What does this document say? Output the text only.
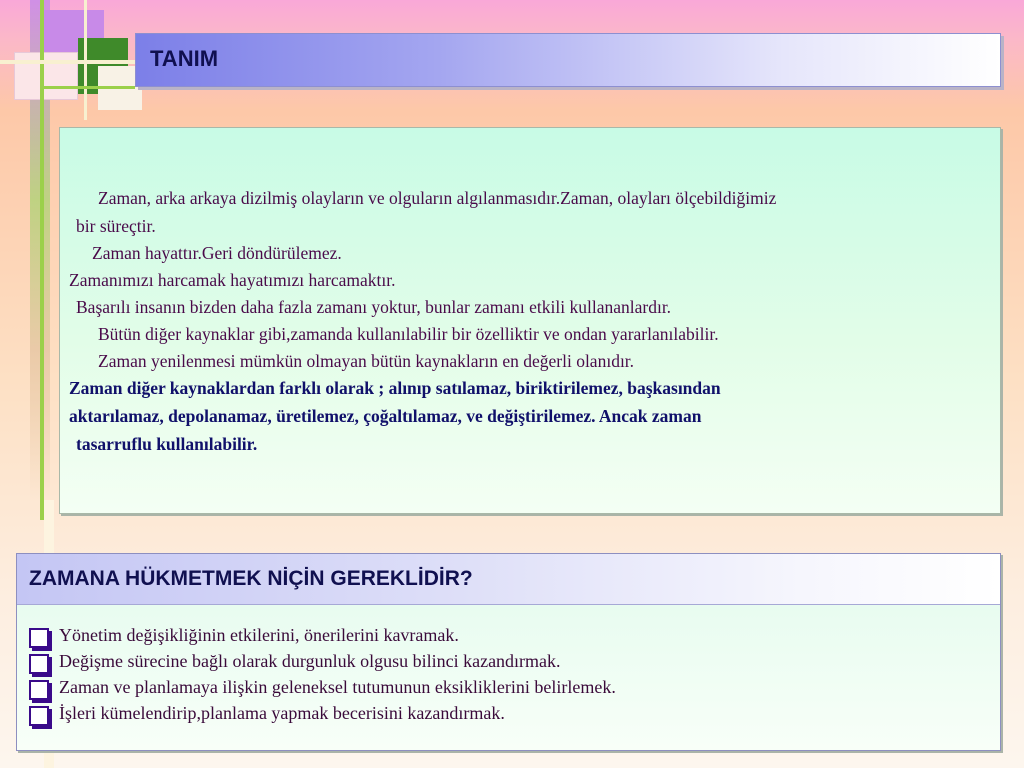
TANIM
Zaman, arka arkaya dizilmiş olayların ve olguların algılanmasıdır.Zaman, olayları ölçebildiğimiz
bir süreçtir.
Zaman hayattır.Geri döndürülemez.
Zamanımızı harcamak hayatımızı harcamaktır.
Başarılı insanın bizden daha fazla zamanı yoktur, bunlar zamanı etkili kullananlardır.
Bütün diğer kaynaklar gibi,zamanda kullanılabilir bir özelliktir ve ondan yararlanılabilir.
Zaman yenilenmesi mümkün olmayan bütün kaynakların en değerli olanıdır.
Zaman diğer kaynaklardan farklı olarak ; alınıp satılamaz, biriktirilemez, başkasından
aktarılamaz, depolanamaz, üretilemez, çoğaltılamaz, ve değiştirilemez. Ancak zaman
tasarruflu kullanılabilir.
ZAMANA HÜKMETMEK NİÇİN GEREKLİDİR?
Yönetim değişikliğinin etkilerini, önerilerini kavramak.
Değişme sürecine bağlı olarak durgunluk olgusu bilinci kazandırmak.
Zaman ve planlamaya ilişkin geleneksel tutumunun eksikliklerini belirlemek.
İşleri kümelendirip,planlama yapmak becerisini kazandırmak.
